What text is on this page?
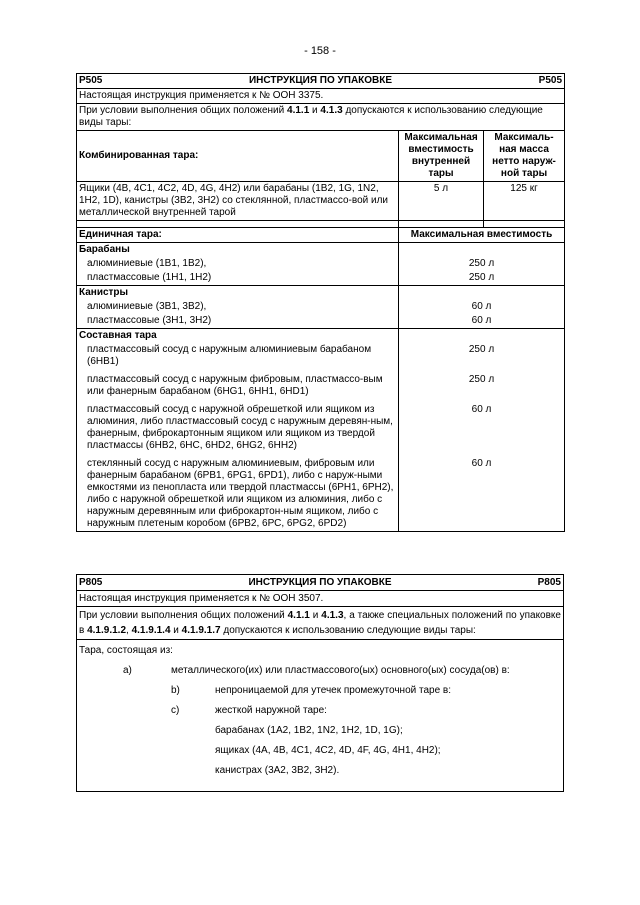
- 158 -
P505 P505
ИНСТРУКЦИЯ ПО УПАКОВКЕ		

Настоящая инструкция применяется к № ООН 3375.		
При условии выполнения общих положений 4.1.1 и 4.1.3 допускаются к использованию следующие виды тары:		
Комбинированная тара:	Максимальная вместимость внутренней тары	Максималь-ная масса нетто наруж-ной тары
Ящики (4В, 4С1, 4С2, 4D, 4G, 4Н2) или барабаны (1В2, 1G, 1N2, 1Н2, 1D), канистры (3В2, 3Н2) со стеклянной, пластмассо-вой или металлической внутренней тарой	5 л	125 кг

Единичная тара:	Максимальная вместимость	
Барабаны		
алюминиевые (1В1, 1В2),	250 л	
пластмассовые (1Н1, 1Н2)	250 л	
Канистры		
алюминиевые (3В1, 3В2),	60 л	
пластмассовые (3Н1, 3Н2)	60 л	
Составная тара		
пластмассовый сосуд с наружным алюминиевым барабаном (6НВ1)	250 л	
пластмассовый сосуд с наружным фибровым, пластмассо-вым или фанерным барабаном (6НG1, 6НН1, 6НD1)	250 л	
пластмассовый сосуд с наружной обрешеткой или ящиком из алюминия, либо пластмассовый сосуд с наружным деревян-ным, фанерным, фиброкартонным ящиком или ящиком из твердой пластмассы (6НВ2, 6НС, 6НD2, 6НG2, 6НН2)	60 л	
стеклянный сосуд с наружным алюминиевым, фибровым или фанерным барабаном (6РВ1, 6РG1, 6РD1), либо с наруж-ными емкостями из пенопласта или твердой пластмассы (6РН1, 6РН2), либо с наружной обрешеткой или ящиком из алюминия, либо с наружным деревянным или фиброкартон-ным ящиком, либо с наружным плетеным коробом (6РВ2, 6РС, 6РG2, 6РD2)	60 л	
P805	P805
ИНСТРУКЦИЯ ПО УПАКОВКЕ

Настоящая инструкция применяется к № ООН 3507.
При условии выполнения общих положений 4.1.1 и 4.1.3, а также специальных положений по упаковке в 4.1.9.1.2, 4.1.9.1.4 и 4.1.9.1.7 допускаются к использованию следующие виды тары:

Тара, состоящая из:
a)	металлического(их) или пластмассового(ых) основного(ых) сосуда(ов) в:
b)	непроницаемой для утечек промежуточной таре в:
c)	жесткой наружной таре:
барабанах (1А2, 1В2, 1N2, 1Н2, 1D, 1G);
ящиках (4А, 4В, 4С1, 4С2, 4D, 4F, 4G, 4Н1, 4Н2);
канистрах (3А2, 3В2, 3Н2).
